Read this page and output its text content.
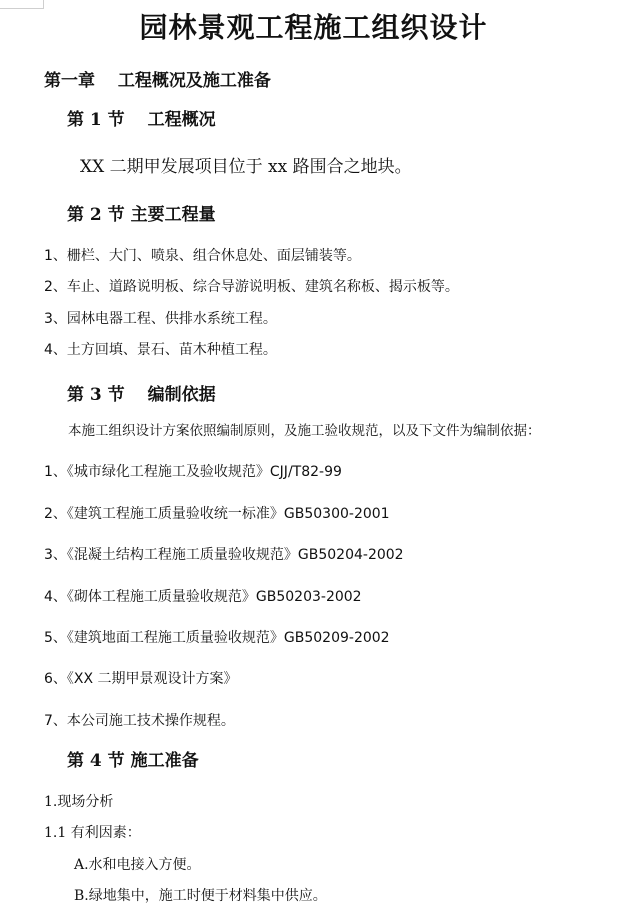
园林景观工程施工组织设计
第一章　 工程概况及施工准备
第 1 节　 工程概况
XX 二期甲发展项目位于 xx 路围合之地块。
第 2 节 主要工程量
1、栅栏、大门、喷泉、组合休息处、面层铺装等。
2、车止、道路说明板、综合导游说明板、建筑名称板、揭示板等。
3、园林电器工程、供排水系统工程。
4、土方回填、景石、苗木种植工程。
第 3 节　 编制依据
本施工组织设计方案依照编制原则，及施工验收规范，以及下文件为编制依据：
1、《城市绿化工程施工及验收规范》CJJ/T82-99
2、《建筑工程施工质量验收统一标准》GB50300-2001
3、《混凝土结构工程施工质量验收规范》GB50204-2002
4、《砌体工程施工质量验收规范》GB50203-2002
5、《建筑地面工程施工质量验收规范》GB50209-2002
6、《XX 二期甲景观设计方案》
7、本公司施工技术操作规程。
第 4 节 施工准备
1.现场分析
1.1 有利因素：
A.水和电接入方便。
B.绿地集中，施工时便于材料集中供应。
